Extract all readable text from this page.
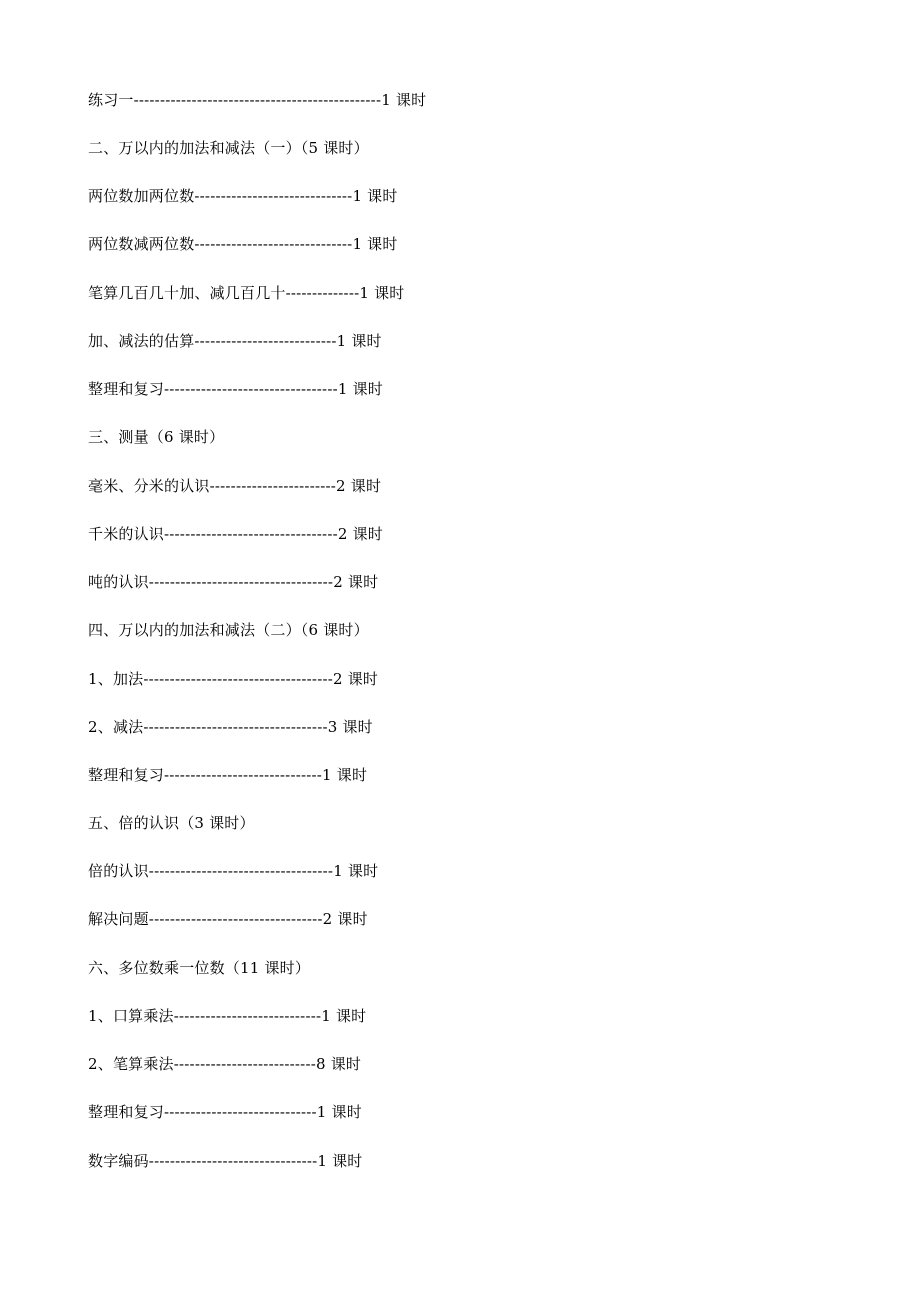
练习一-----------------------------------------------1 课时
二、万以内的加法和减法（一）（5 课时）
两位数加两位数------------------------------1 课时
两位数减两位数------------------------------1 课时
笔算几百几十加、减几百几十--------------1 课时
加、减法的估算---------------------------1 课时
整理和复习---------------------------------1 课时
三、测量（6 课时）
毫米、分米的认识------------------------2 课时
千米的认识---------------------------------2 课时
吨的认识-----------------------------------2 课时
四、万以内的加法和减法（二）（6 课时）
1、加法------------------------------------2 课时
2、减法-----------------------------------3 课时
整理和复习------------------------------1 课时
五、倍的认识（3 课时）
倍的认识-----------------------------------1 课时
解决问题---------------------------------2 课时
六、多位数乘一位数（11 课时）
1、口算乘法----------------------------1 课时
2、笔算乘法---------------------------8 课时
整理和复习-----------------------------1 课时
数字编码--------------------------------1 课时
